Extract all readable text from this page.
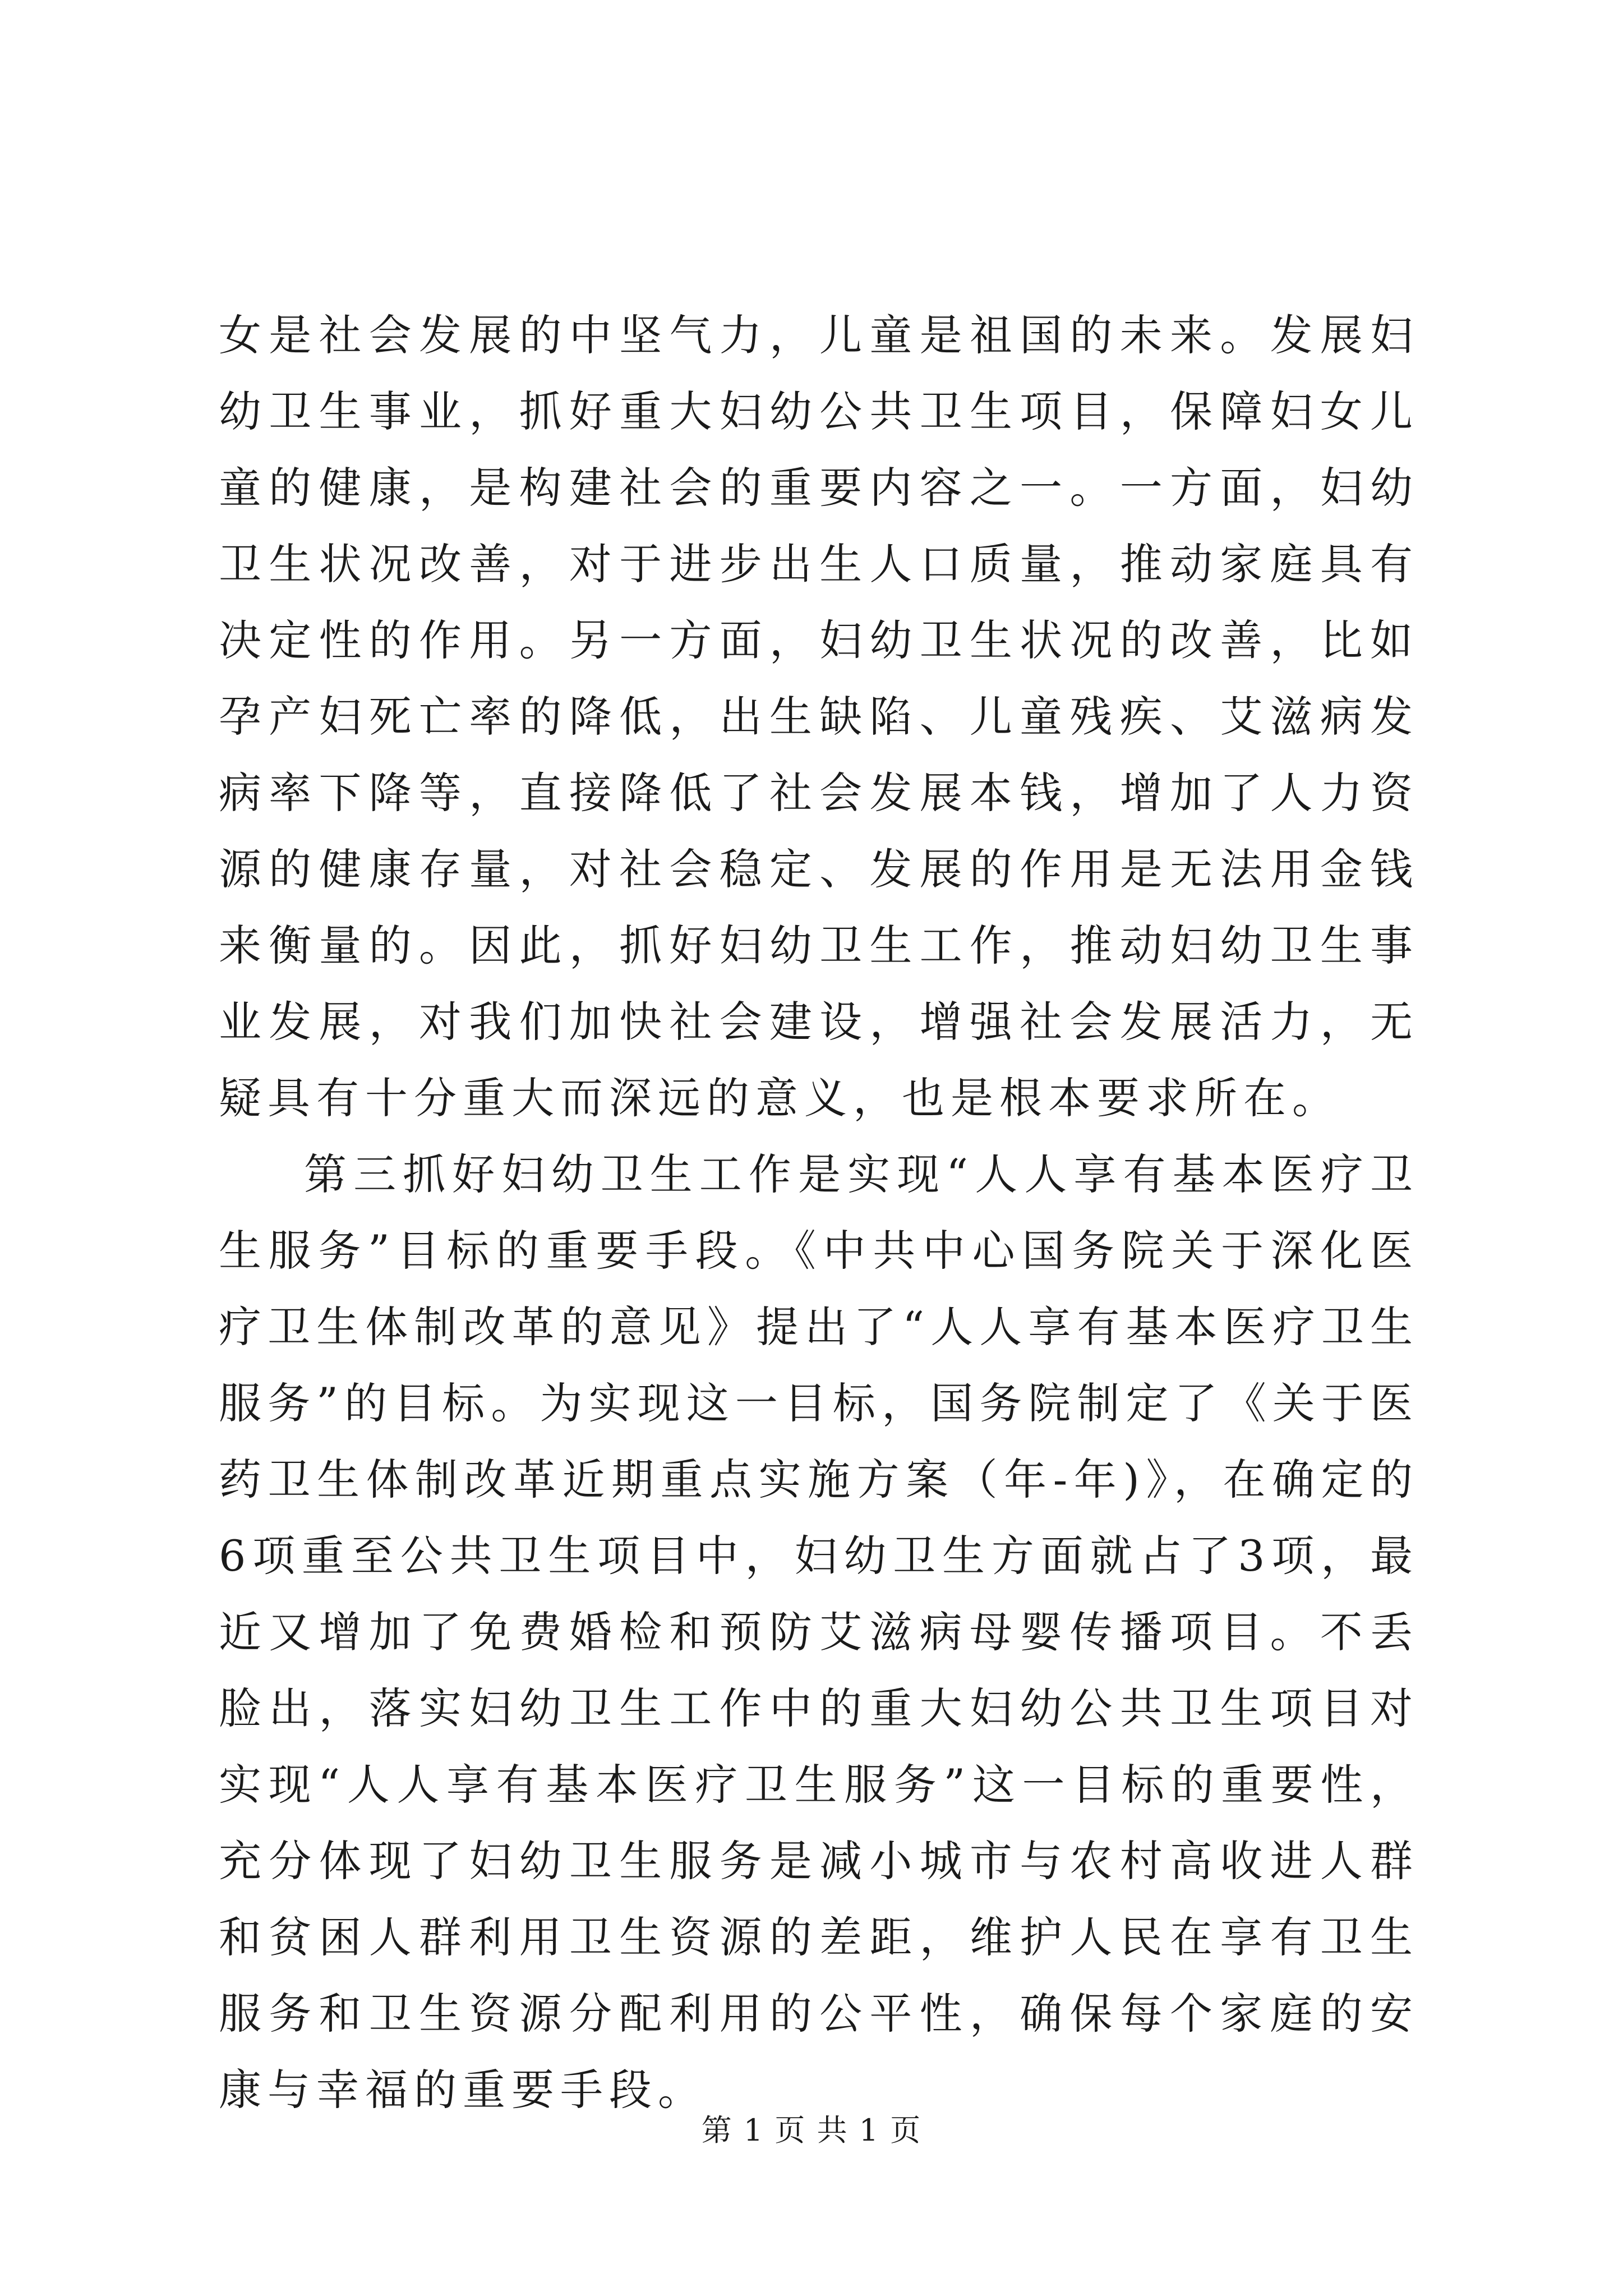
女是社会发展的中坚气力，儿童是祖国的未来。发展妇幼卫生事业，抓好重大妇幼公共卫生项目，保障妇女儿童的健康，是构建社会的重要内容之一。一方面，妇幼卫生状况改善，对于进步出生人口质量，推动家庭具有决定性的作用。另一方面，妇幼卫生状况的改善，比如孕产妇死亡率的降低，出生缺陷、儿童残疾、艾滋病发病率下降等，直接降低了社会发展本钱，增加了人力资源的健康存量，对社会稳定、发展的作用是无法用金钱来衡量的。因此，抓好妇幼卫生工作，推动妇幼卫生事业发展，对我们加快社会建设，增强社会发展活力，无疑具有十分重大而深远的意义，也是根本要求所在。

第三抓好妇幼卫生工作是实现“人人享有基本医疗卫生服务”目标的重要手段。《中共中心国务院关于深化医疗卫生体制改革的意见》提出了“人人享有基本医疗卫生服务”的目标。为实现这一目标，国务院制定了《关于医药卫生体制改革近期重点实施方案（年-年)》，在确定的6项重至公共卫生项目中，妇幼卫生方面就占了3项，最近又增加了免费婚检和预防艾滋病母婴传播项目。不丢脸出，落实妇幼卫生工作中的重大妇幼公共卫生项目对实现“人人享有基本医疗卫生服务”这一目标的重要性，充分体现了妇幼卫生服务是减小城市与农村高收进人群和贫困人群利用卫生资源的差距，维护人民在享有卫生服务和卫生资源分配利用的公平性，确保每个家庭的安康与幸福的重要手段。

第 1 页 共 1 页
